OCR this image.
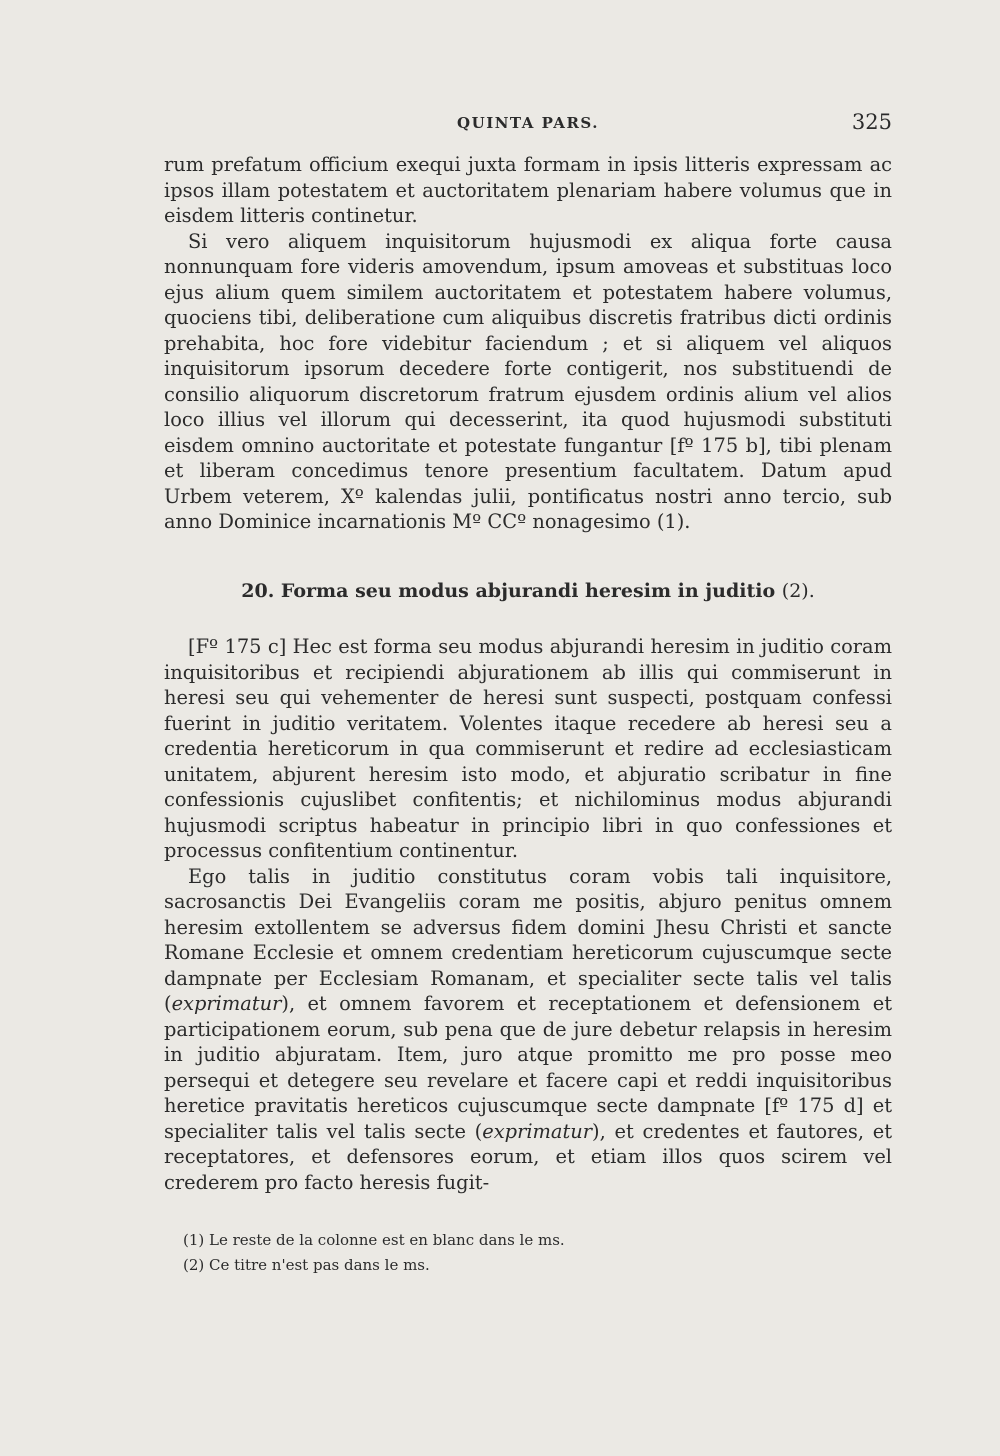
QUINTA PARS.	325

rum prefatum officium exequi juxta formam in ipsis litteris expressam ac ipsos illam potestatem et auctoritatem plenariam habere volumus que in eisdem litteris continetur.

Si vero aliquem inquisitorum hujusmodi ex aliqua forte causa nonnunquam fore videris amovendum, ipsum amoveas et substituas loco ejus alium quem similem auctoritatem et potestatem habere volumus, quociens tibi, deliberatione cum aliquibus discretis fratribus dicti ordinis prehabita, hoc fore videbitur faciendum ; et si aliquem vel aliquos inquisitorum ipsorum decedere forte contigerit, nos substituendi de consilio aliquorum discretorum fratrum ejusdem ordinis alium vel alios loco illius vel illorum qui decesserint, ita quod hujusmodi substituti eisdem omnino auctoritate et potestate fungantur [fº 175 b], tibi plenam et liberam concedimus tenore presentium facultatem. Datum apud Urbem veterem, Xº kalendas julii, pontificatus nostri anno tercio, sub anno Dominice incarnationis Mº CCº nonagesimo (1).

20. Forma seu modus abjurandi heresim in juditio (2).

[Fº 175 c] Hec est forma seu modus abjurandi heresim in juditio coram inquisitoribus et recipiendi abjurationem ab illis qui commiserunt in heresi seu qui vehementer de heresi sunt suspecti, postquam confessi fuerint in juditio veritatem. Volentes itaque recedere ab heresi seu a credentia hereticorum in qua commiserunt et redire ad ecclesiasticam unitatem, abjurent heresim isto modo, et abjuratio scribatur in fine confessionis cujuslibet confitentis; et nichilominus modus abjurandi hujusmodi scriptus habeatur in principio libri in quo confessiones et processus confitentium continentur.

Ego talis in juditio constitutus coram vobis tali inquisitore, sacrosanctis Dei Evangeliis coram me positis, abjuro penitus omnem heresim extollentem se adversus fidem domini Jhesu Christi et sancte Romane Ecclesie et omnem credentiam hereticorum cujuscumque secte dampnate per Ecclesiam Romanam, et specialiter secte talis vel talis (exprimatur), et omnem favorem et receptationem et defensionem et participationem eorum, sub pena que de jure debetur relapsis in heresim in juditio abjuratam. Item, juro atque promitto me pro posse meo persequi et detegere seu revelare et facere capi et reddi inquisitoribus heretice pravitatis hereticos cujuscumque secte dampnate [fº 175 d] et specialiter talis vel talis secte (exprimatur), et credentes et fautores, et receptatores, et defensores eorum, et etiam illos quos scirem vel crederem pro facto heresis fugit-

(1) Le reste de la colonne est en blanc dans le ms.

(2) Ce titre n'est pas dans le ms.
